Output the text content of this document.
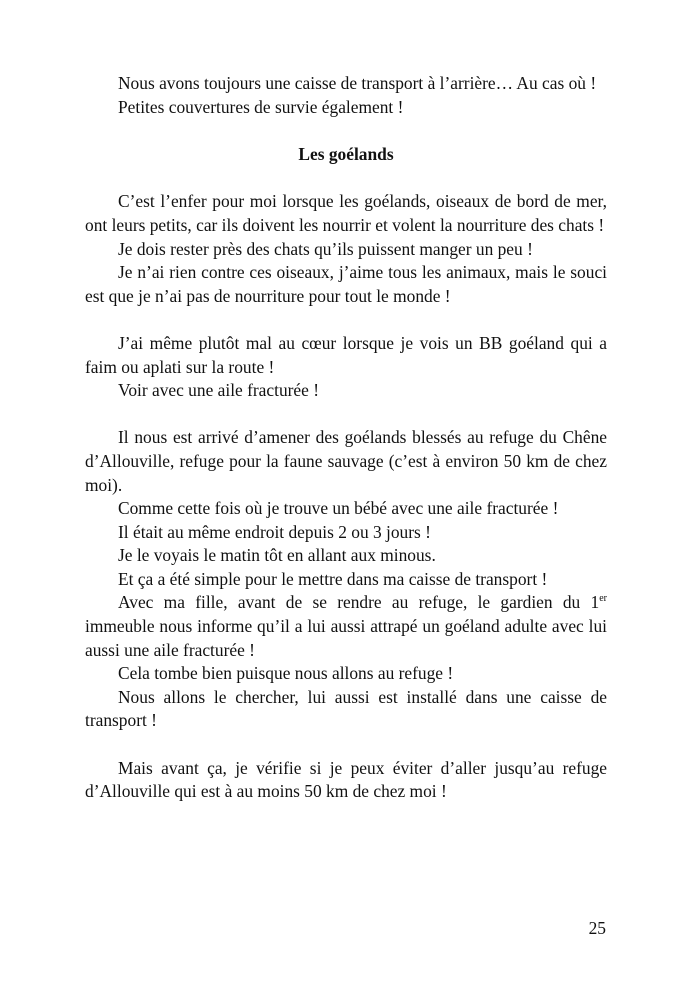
Nous avons toujours une caisse de transport à l’arrière… Au cas où !

Petites couvertures de survie également !

Les goélands

C’est l’enfer pour moi lorsque les goélands, oiseaux de bord de mer, ont leurs petits, car ils doivent les nourrir et volent la nourriture des chats !

Je dois rester près des chats qu’ils puissent manger un peu !

Je n’ai rien contre ces oiseaux, j’aime tous les animaux, mais le souci est que je n’ai pas de nourriture pour tout le monde !

J’ai même plutôt mal au cœur lorsque je vois un BB goéland qui a faim ou aplati sur la route !

Voir avec une aile fracturée !

Il nous est arrivé d’amener des goélands blessés au refuge du Chêne d’Allouville, refuge pour la faune sauvage (c’est à environ 50 km de chez moi).

Comme cette fois où je trouve un bébé avec une aile fracturée !

Il était au même endroit depuis 2 ou 3 jours !

Je le voyais le matin tôt en allant aux minous.

Et ça a été simple pour le mettre dans ma caisse de transport !

Avec ma fille, avant de se rendre au refuge, le gardien du 1er immeuble nous informe qu’il a lui aussi attrapé un goéland adulte avec lui aussi une aile fracturée !

Cela tombe bien puisque nous allons au refuge !

Nous allons le chercher, lui aussi est installé dans une caisse de transport !

Mais avant ça, je vérifie si je peux éviter d’aller jusqu’au refuge d’Allouville qui est à au moins 50 km de chez moi !

25
